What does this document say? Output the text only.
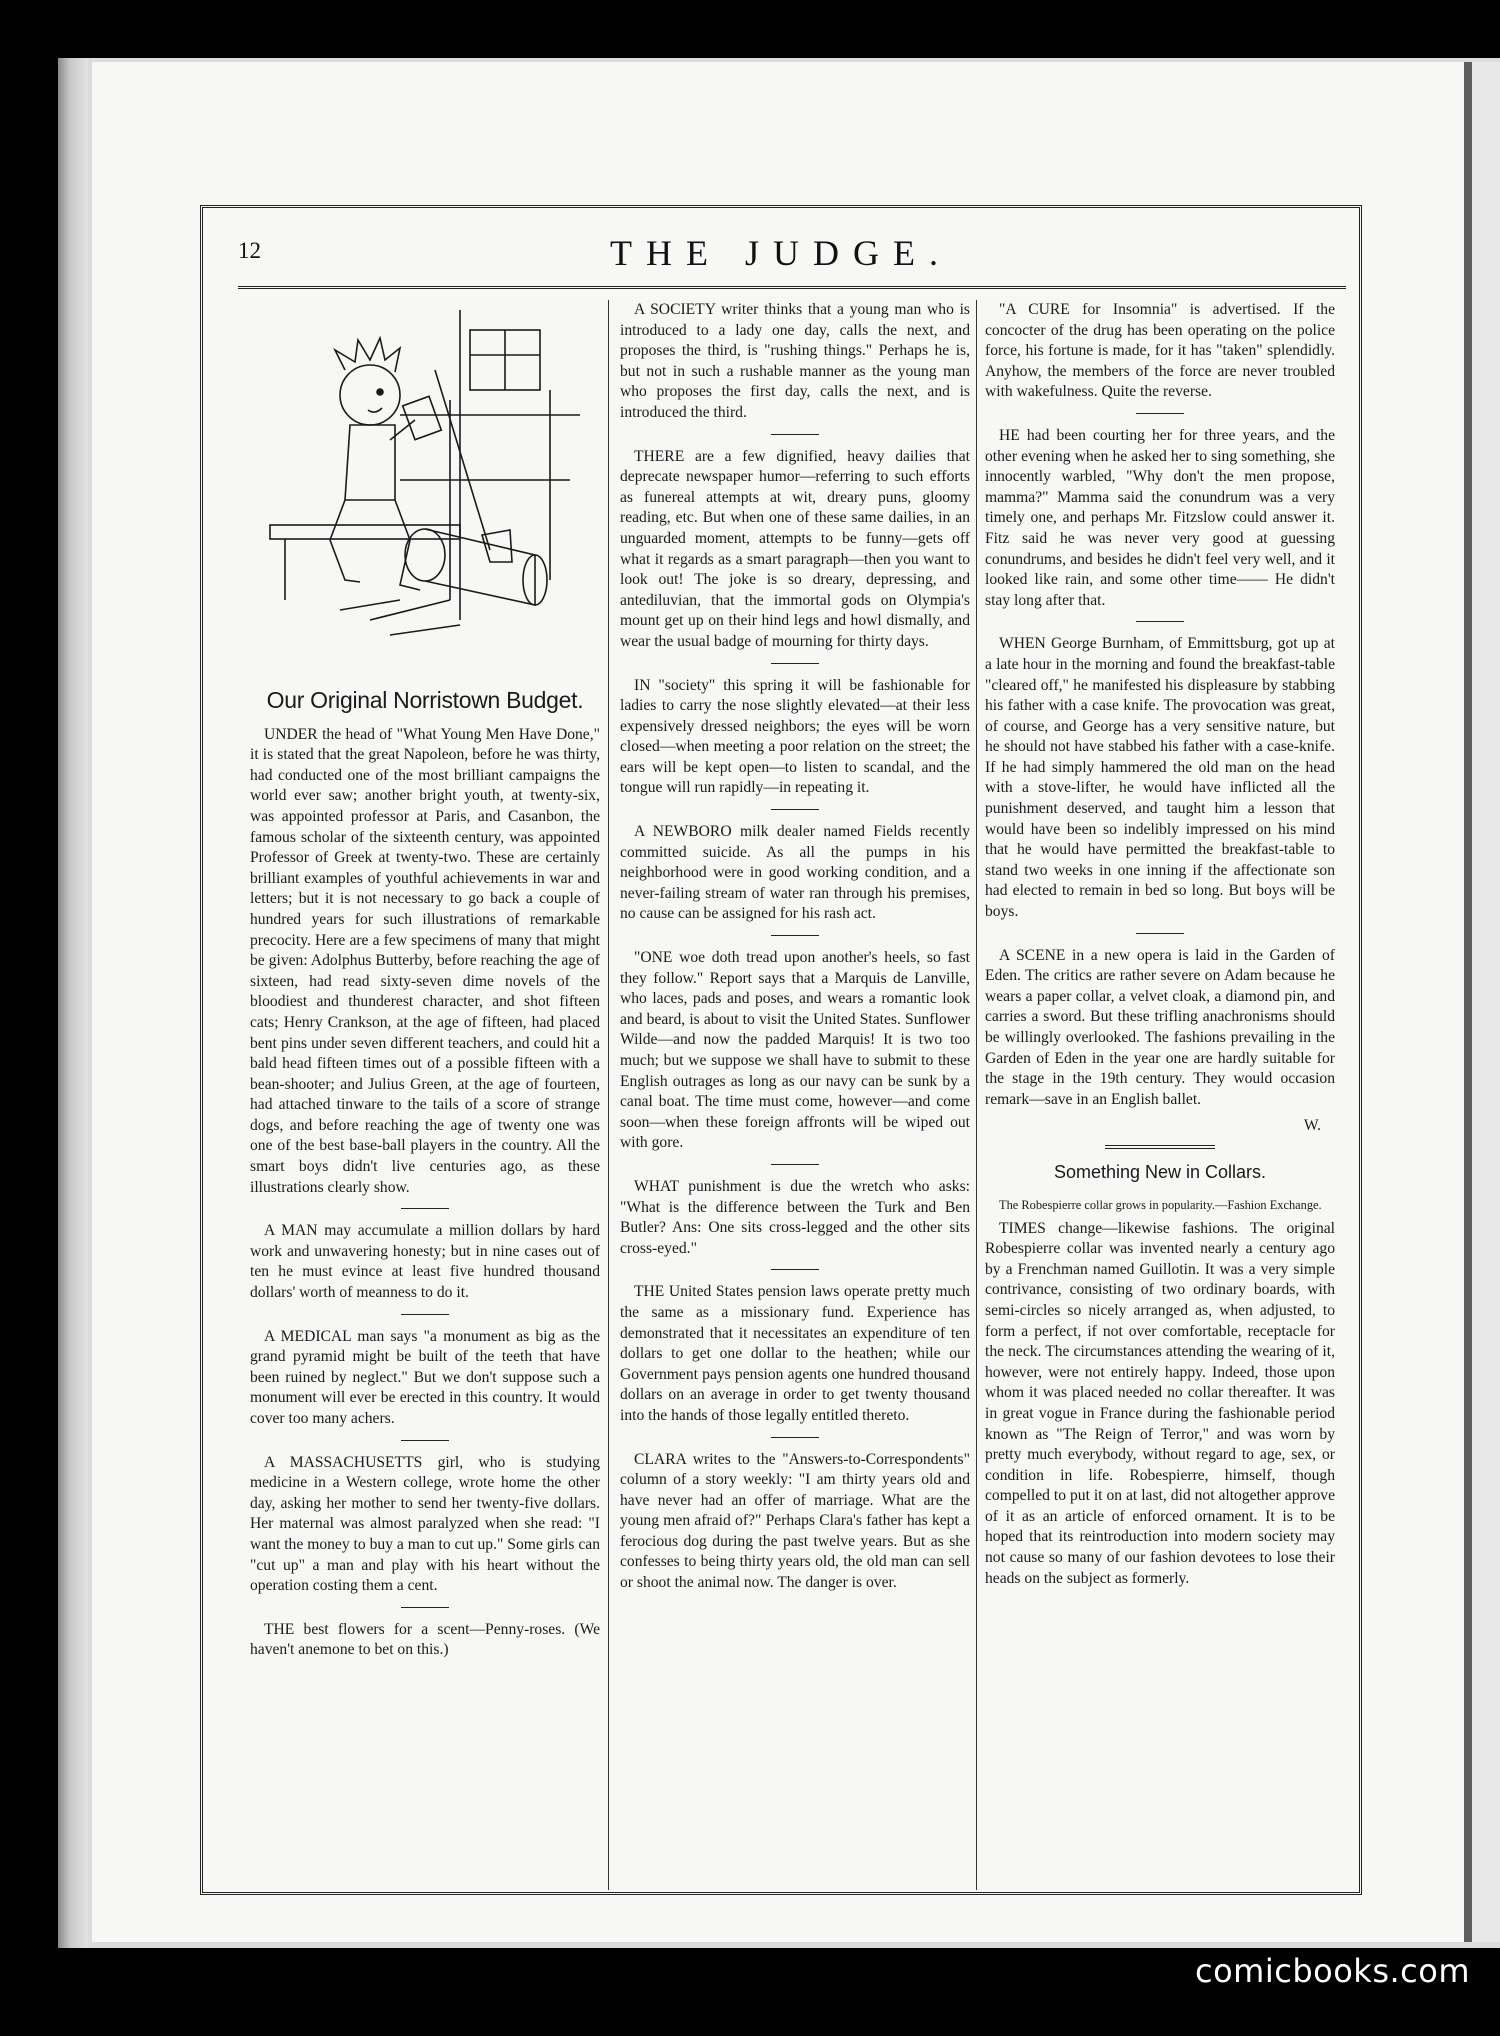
12	THE JUDGE.
Our Original Norristown Budget.

UNDER the head of "What Young Men Have Done," it is stated that the great Napoleon, before he was thirty, had conducted one of the most brilliant campaigns the world ever saw; another bright youth, at twenty-six, was appointed professor at Paris, and Casanbon, the famous scholar of the sixteenth century, was appointed Professor of Greek at twenty-two. These are certainly brilliant examples of youthful achievements in war and letters; but it is not necessary to go back a couple of hundred years for such illustrations of remarkable precocity. Here are a few specimens of many that might be given: Adolphus Butterby, before reaching the age of sixteen, had read sixty-seven dime novels of the bloodiest and thunderest character, and shot fifteen cats; Henry Crankson, at the age of fifteen, had placed bent pins under seven different teachers, and could hit a bald head fifteen times out of a possible fifteen with a bean-shooter; and Julius Green, at the age of fourteen, had attached tinware to the tails of a score of strange dogs, and before reaching the age of twenty one was one of the best base-ball players in the country. All the smart boys didn't live centuries ago, as these illustrations clearly show.

A MAN may accumulate a million dollars by hard work and unwavering honesty; but in nine cases out of ten he must evince at least five hundred thousand dollars' worth of meanness to do it.

A MEDICAL man says "a monument as big as the grand pyramid might be built of the teeth that have been ruined by neglect." But we don't suppose such a monument will ever be erected in this country. It would cover too many achers.

A MASSACHUSETTS girl, who is studying medicine in a Western college, wrote home the other day, asking her mother to send her twenty-five dollars. Her maternal was almost paralyzed when she read: "I want the money to buy a man to cut up." Some girls can "cut up" a man and play with his heart without the operation costing them a cent.

THE best flowers for a scent—Penny-roses. (We haven't anemone to bet on this.)

A SOCIETY writer thinks that a young man who is introduced to a lady one day, calls the next, and proposes the third, is "rushing things." Perhaps he is, but not in such a rushable manner as the young man who proposes the first day, calls the next, and is introduced the third.

THERE are a few dignified, heavy dailies that deprecate newspaper humor—referring to such efforts as funereal attempts at wit, dreary puns, gloomy reading, etc. But when one of these same dailies, in an unguarded moment, attempts to be funny—gets off what it regards as a smart paragraph—then you want to look out! The joke is so dreary, depressing, and antediluvian, that the immortal gods on Olympia's mount get up on their hind legs and howl dismally, and wear the usual badge of mourning for thirty days.

IN "society" this spring it will be fashionable for ladies to carry the nose slightly elevated—at their less expensively dressed neighbors; the eyes will be worn closed—when meeting a poor relation on the street; the ears will be kept open—to listen to scandal, and the tongue will run rapidly—in repeating it.

A NEWBORO milk dealer named Fields recently committed suicide. As all the pumps in his neighborhood were in good working condition, and a never-failing stream of water ran through his premises, no cause can be assigned for his rash act.

"ONE woe doth tread upon another's heels, so fast they follow." Report says that a Marquis de Lanville, who laces, pads and poses, and wears a romantic look and beard, is about to visit the United States. Sunflower Wilde—and now the padded Marquis! It is two too much; but we suppose we shall have to submit to these English outrages as long as our navy can be sunk by a canal boat. The time must come, however—and come soon—when these foreign affronts will be wiped out with gore.

WHAT punishment is due the wretch who asks: "What is the difference between the Turk and Ben Butler? Ans: One sits cross-legged and the other sits cross-eyed."

THE United States pension laws operate pretty much the same as a missionary fund. Experience has demonstrated that it necessitates an expenditure of ten dollars to get one dollar to the heathen; while our Government pays pension agents one hundred thousand dollars on an average in order to get twenty thousand into the hands of those legally entitled thereto.

CLARA writes to the "Answers-to-Correspondents" column of a story weekly: "I am thirty years old and have never had an offer of marriage. What are the young men afraid of?" Perhaps Clara's father has kept a ferocious dog during the past twelve years. But as she confesses to being thirty years old, the old man can sell or shoot the animal now. The danger is over.

"A CURE for Insomnia" is advertised. If the concocter of the drug has been operating on the police force, his fortune is made, for it has "taken" splendidly. Anyhow, the members of the force are never troubled with wakefulness. Quite the reverse.

HE had been courting her for three years, and the other evening when he asked her to sing something, she innocently warbled, "Why don't the men propose, mamma?" Mamma said the conundrum was a very timely one, and perhaps Mr. Fitzslow could answer it. Fitz said he was never very good at guessing conundrums, and besides he didn't feel very well, and it looked like rain, and some other time—— He didn't stay long after that.

WHEN George Burnham, of Emmittsburg, got up at a late hour in the morning and found the breakfast-table "cleared off," he manifested his displeasure by stabbing his father with a case knife. The provocation was great, of course, and George has a very sensitive nature, but he should not have stabbed his father with a case-knife. If he had simply hammered the old man on the head with a stove-lifter, he would have inflicted all the punishment deserved, and taught him a lesson that would have been so indelibly impressed on his mind that he would have permitted the breakfast-table to stand two weeks in one inning if the affectionate son had elected to remain in bed so long. But boys will be boys.

A SCENE in a new opera is laid in the Garden of Eden. The critics are rather severe on Adam because he wears a paper collar, a velvet cloak, a diamond pin, and carries a sword. But these trifling anachronisms should be willingly overlooked. The fashions prevailing in the Garden of Eden in the year one are hardly suitable for the stage in the 19th century. They would occasion remark—save in an English ballet.

W.
Something New in Collars.

The Robespierre collar grows in popularity.—Fashion Exchange.

TIMES change—likewise fashions. The original Robespierre collar was invented nearly a century ago by a Frenchman named Guillotin. It was a very simple contrivance, consisting of two ordinary boards, with semi-circles so nicely arranged as, when adjusted, to form a perfect, if not over comfortable, receptacle for the neck. The circumstances attending the wearing of it, however, were not entirely happy. Indeed, those upon whom it was placed needed no collar thereafter. It was in great vogue in France during the fashionable period known as "The Reign of Terror," and was worn by pretty much everybody, without regard to age, sex, or condition in life. Robespierre, himself, though compelled to put it on at last, did not altogether approve of it as an article of enforced ornament. It is to be hoped that its reintroduction into modern society may not cause so many of our fashion devotees to lose their heads on the subject as formerly.

comicbooks.com
